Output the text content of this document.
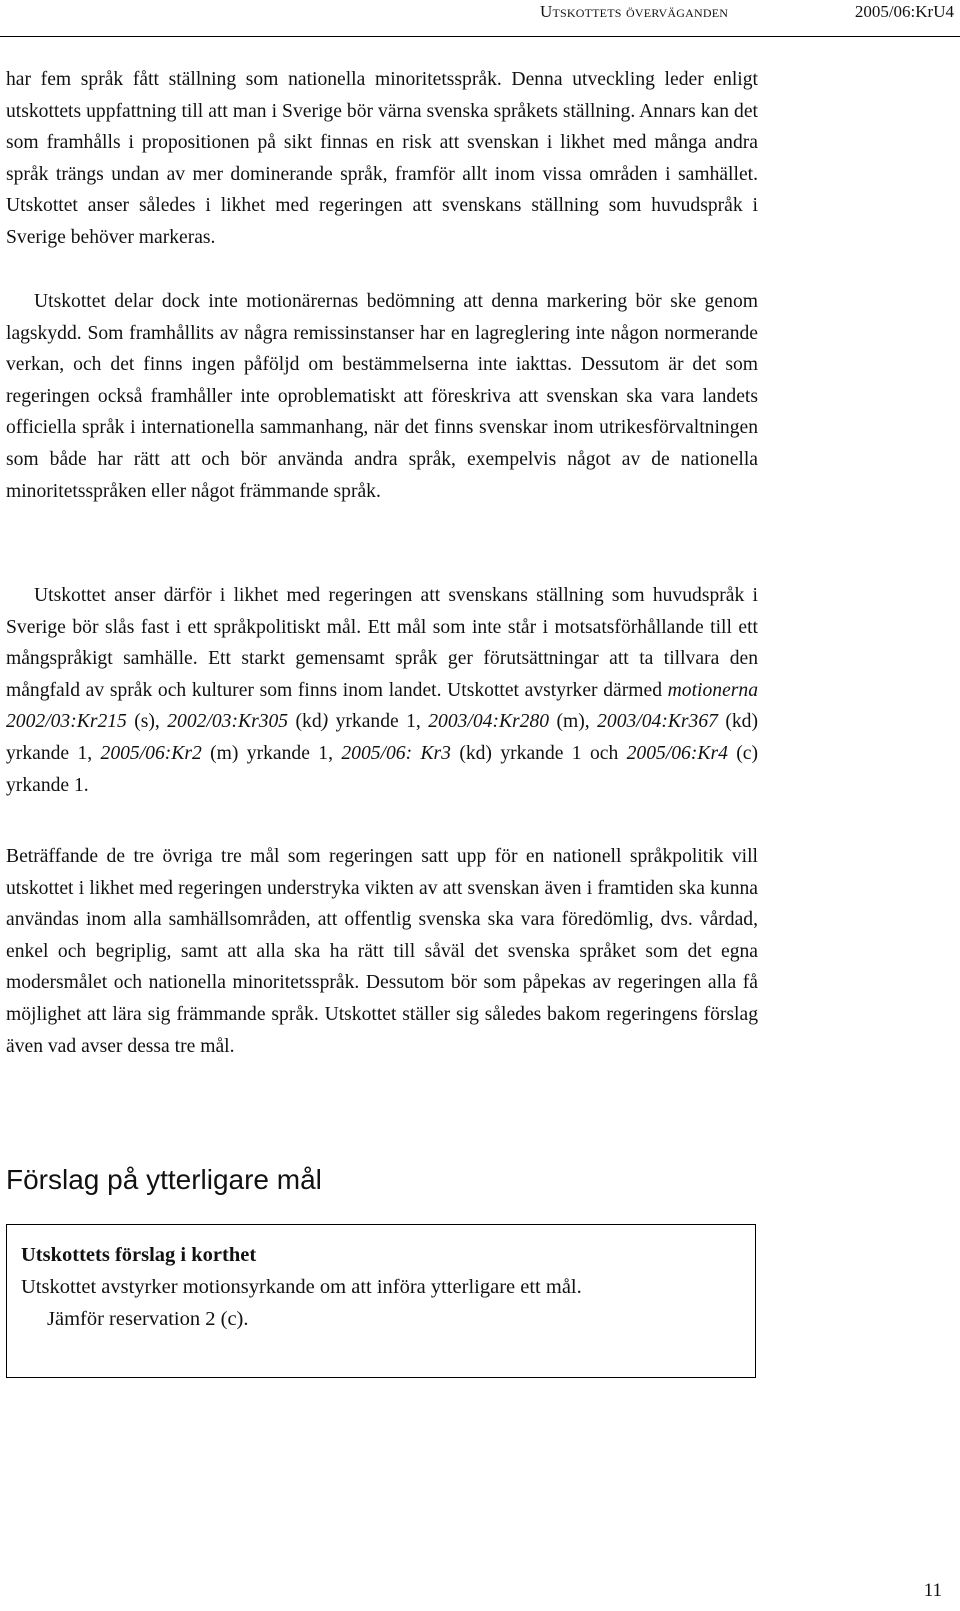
Utskottets överväganden	2005/06:KrU4

har fem språk fått ställning som nationella minoritetsspråk. Denna utveckling leder enligt utskottets uppfattning till att man i Sverige bör värna svenska språkets ställning. Annars kan det som framhålls i propositionen på sikt finnas en risk att svenskan i likhet med många andra språk trängs undan av mer dominerande språk, framför allt inom vissa områden i samhället. Utskottet anser således i likhet med regeringen att svenskans ställning som huvudspråk i Sverige behöver markeras.

Utskottet delar dock inte motionärernas bedömning att denna markering bör ske genom lagskydd. Som framhållits av några remissinstanser har en lagreglering inte någon normerande verkan, och det finns ingen påföljd om bestämmelserna inte iakttas. Dessutom är det som regeringen också framhåller inte oproblematiskt att föreskriva att svenskan ska vara landets officiella språk i internationella sammanhang, när det finns svenskar inom utrikesförvaltningen som både har rätt att och bör använda andra språk, exempelvis något av de nationella minoritetsspråken eller något främmande språk.

Utskottet anser därför i likhet med regeringen att svenskans ställning som huvudspråk i Sverige bör slås fast i ett språkpolitiskt mål. Ett mål som inte står i motsatsförhållande till ett mångspråkigt samhälle. Ett starkt gemensamt språk ger förutsättningar att ta tillvara den mångfald av språk och kulturer som finns inom landet. Utskottet avstyrker därmed motionerna 2002/03:Kr215 (s), 2002/03:Kr305 (kd) yrkande 1, 2003/04:Kr280 (m), 2003/04:Kr367 (kd) yrkande 1, 2005/06:Kr2 (m) yrkande 1, 2005/06: Kr3 (kd) yrkande 1 och 2005/06:Kr4 (c) yrkande 1.

Beträffande de tre övriga tre mål som regeringen satt upp för en nationell språkpolitik vill utskottet i likhet med regeringen understryka vikten av att svenskan även i framtiden ska kunna användas inom alla samhällsområden, att offentlig svenska ska vara föredömlig, dvs. vårdad, enkel och begriplig, samt att alla ska ha rätt till såväl det svenska språket som det egna modersmålet och nationella minoritetsspråk. Dessutom bör som påpekas av regeringen alla få möjlighet att lära sig främmande språk. Utskottet ställer sig således bakom regeringens förslag även vad avser dessa tre mål.

Förslag på ytterligare mål

Utskottets förslag i korthet

Utskottet avstyrker motionsyrkande om att införa ytterligare ett mål.

Jämför reservation 2 (c).

11
